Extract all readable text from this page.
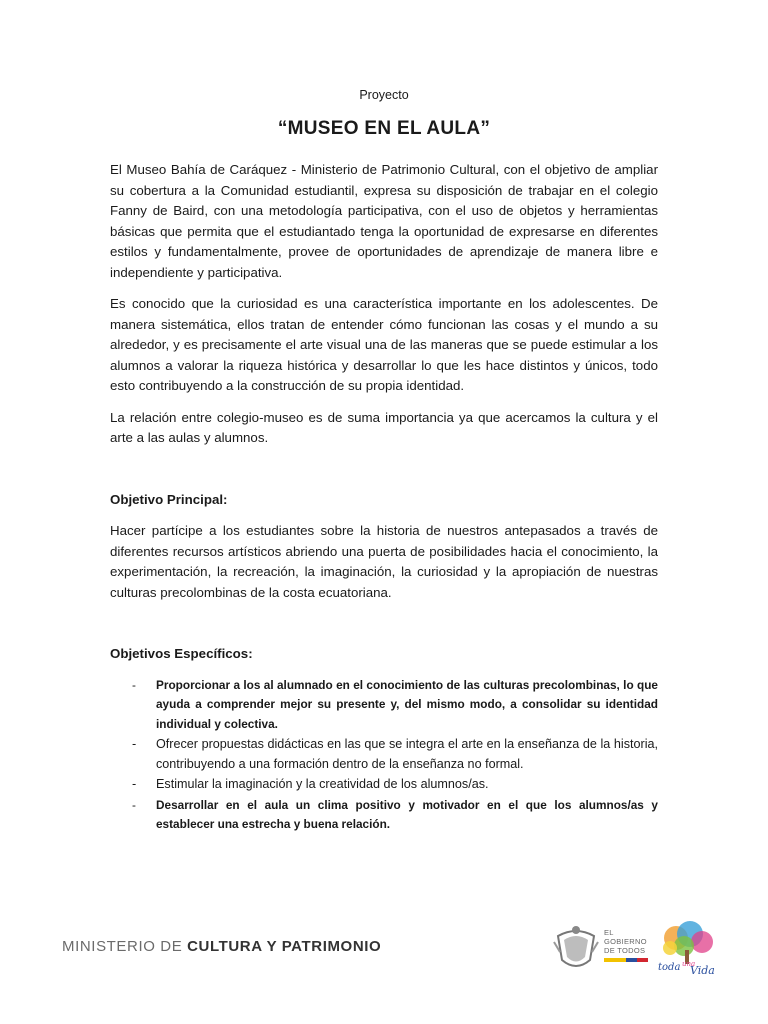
Proyecto
“MUSEO EN EL AULA”

El Museo Bahía de Caráquez - Ministerio de Patrimonio Cultural, con el objetivo de ampliar su cobertura a la Comunidad estudiantil, expresa su disposición de trabajar en el colegio Fanny de Baird, con una metodología participativa, con el uso de objetos y herramientas básicas que permita que el estudiantado tenga la oportunidad de expresarse en diferentes estilos y fundamentalmente, provee de oportunidades de aprendizaje de manera libre e independiente y participativa.

Es conocido que la curiosidad es una característica importante en los adolescentes. De manera sistemática, ellos tratan de entender cómo funcionan las cosas y el mundo a su alrededor, y es precisamente el arte visual una de las maneras que se puede estimular a los alumnos a valorar la riqueza histórica y desarrollar lo que les hace distintos y únicos, todo esto contribuyendo a la construcción de su propia identidad.

La relación entre colegio-museo es de suma importancia ya que acercamos la cultura y el arte a las aulas y alumnos.

Objetivo Principal:

Hacer partícipe a los estudiantes sobre la historia de nuestros antepasados a través de diferentes recursos artísticos abriendo una puerta de posibilidades hacia el conocimiento, la experimentación, la recreación, la imaginación, la curiosidad y la apropiación de nuestras culturas precolombinas de la costa ecuatoriana.

Objetivos Específicos:

- Proporcionar a los al alumnado en el conocimiento de las culturas precolombinas, lo que ayuda a comprender mejor su presente y, del mismo modo, a consolidar su identidad individual y colectiva.
- Ofrecer propuestas didácticas en las que se integra el arte en la enseñanza de la historia, contribuyendo a una formación dentro de la enseñanza no formal.
- Estimular la imaginación y la creatividad de los alumnos/as.
- Desarrollar en el aula un clima positivo y motivador en el que los alumnos/as y establecer una estrecha y buena relación.
MINISTERIO DE CULTURA Y PATRIMONIO
EL
GOBIERNO
DE TODOS
toda una
Vida
